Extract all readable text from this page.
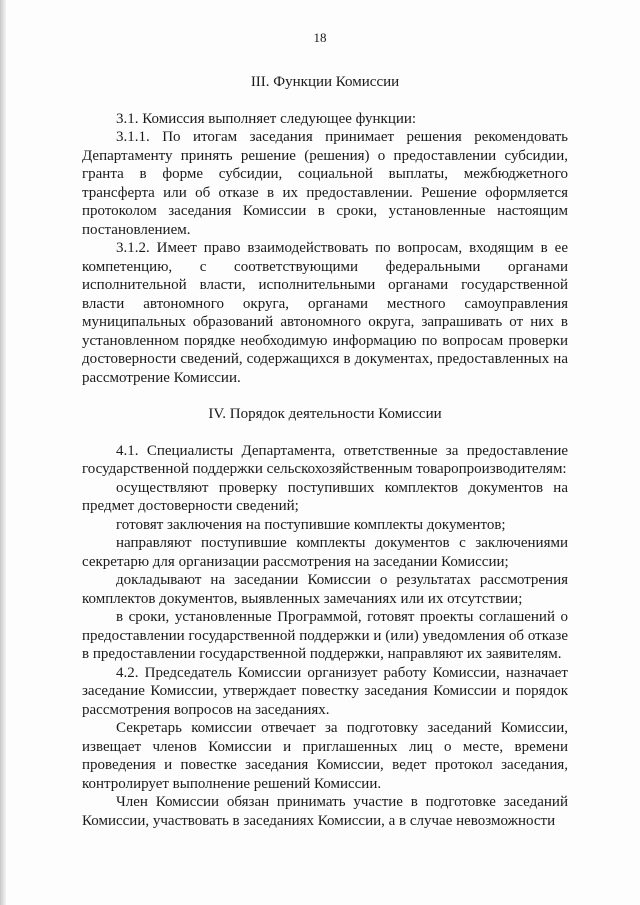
18
III. Функции Комиссии

3.1. Комиссия выполняет следующее функции:

3.1.1. По итогам заседания принимает решения рекомендовать Департаменту принять решение (решения) о предоставлении субсидии, гранта в форме субсидии, социальной выплаты, межбюджетного трансферта или об отказе в их предоставлении. Решение оформляется протоколом заседания Комиссии в сроки, установленные настоящим постановлением.

3.1.2. Имеет право взаимодействовать по вопросам, входящим в ее компетенцию, с соответствующими федеральными органами исполнительной власти, исполнительными органами государственной власти автономного округа, органами местного самоуправления муниципальных образований автономного округа, запрашивать от них в установленном порядке необходимую информацию по вопросам проверки достоверности сведений, содержащихся в документах, предоставленных на рассмотрение Комиссии.

IV. Порядок деятельности Комиссии

4.1. Специалисты Департамента, ответственные за предоставление государственной поддержки сельскохозяйственным товаропроизводителям:

осуществляют проверку поступивших комплектов документов на предмет достоверности сведений;

готовят заключения на поступившие комплекты документов;

направляют поступившие комплекты документов с заключениями секретарю для организации рассмотрения на заседании Комиссии;

докладывают на заседании Комиссии о результатах рассмотрения комплектов документов, выявленных замечаниях или их отсутствии;

в сроки, установленные Программой, готовят проекты соглашений о предоставлении государственной поддержки и (или) уведомления об отказе в предоставлении государственной поддержки, направляют их заявителям.

4.2. Председатель Комиссии организует работу Комиссии, назначает заседание Комиссии, утверждает повестку заседания Комиссии и порядок рассмотрения вопросов на заседаниях.

Секретарь комиссии отвечает за подготовку заседаний Комиссии, извещает членов Комиссии и приглашенных лиц о месте, времени проведения и повестке заседания Комиссии, ведет протокол заседания, контролирует выполнение решений Комиссии.

Член Комиссии обязан принимать участие в подготовке заседаний Комиссии, участвовать в заседаниях Комиссии, а в случае невозможности
